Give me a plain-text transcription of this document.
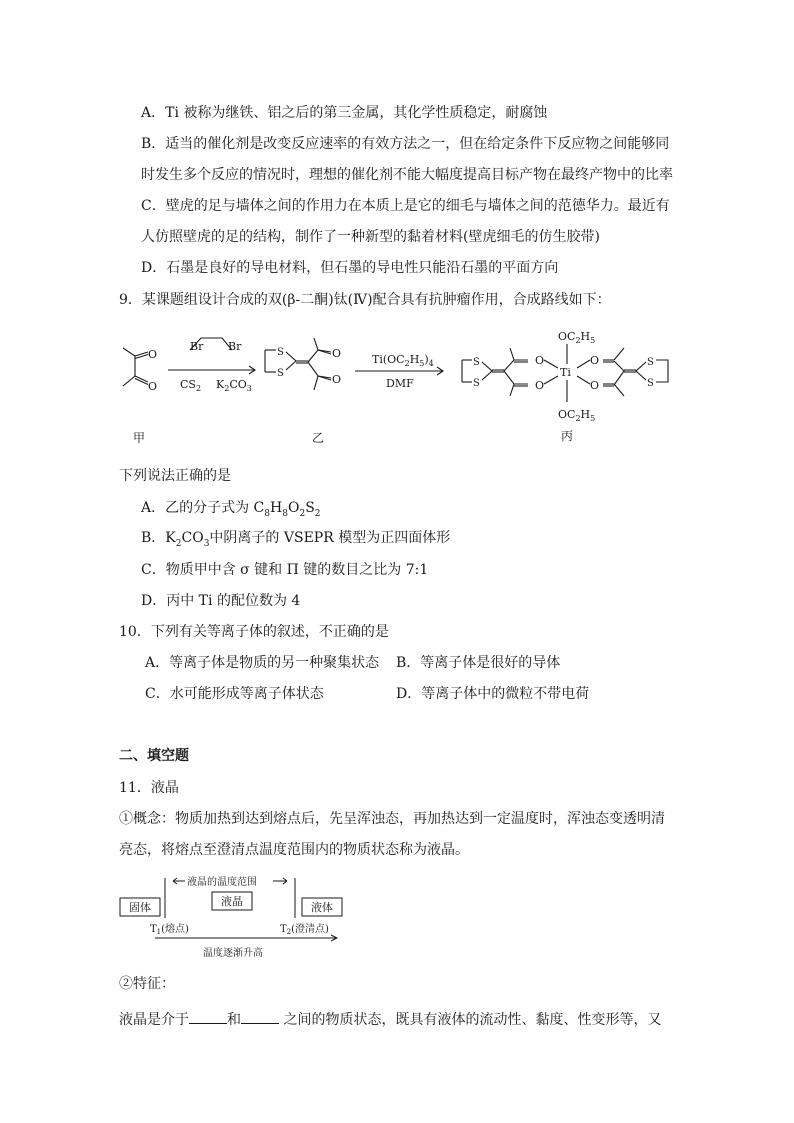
A．Ti 被称为继铁、铝之后的第三金属，其化学性质稳定，耐腐蚀
B．适当的催化剂是改变反应速率的有效方法之一，但在给定条件下反应物之间能够同
时发生多个反应的情况时，理想的催化剂不能大幅度提高目标产物在最终产物中的比率
C．壁虎的足与墙体之间的作用力在本质上是它的细毛与墙体之间的范德华力。最近有
人仿照壁虎的足的结构，制作了一种新型的黏着材料(壁虎细毛的仿生胶带)
D．石墨是良好的导电材料，但石墨的导电性只能沿石墨的平面方向
9．某课题组设计合成的双(β-二酮)钛(Ⅳ)配合具有抗肿瘤作用，合成路线如下：
O
O
甲
Br Br
$CS_2$ $K_2CO_3$
S
S
O
O
乙
$Ti(OC_2H_5)_4$
DMF
S
S
O
O
Ti
O
O
S
S
$OC_2H_5$
$OC_2H_5$
丙
下列说法正确的是
A．乙的分子式为 $C_8H_8O_2S_2$
B．$K_2CO_3$中阴离子的 VSEPR 模型为正四面体形
C．物质甲中含 σ 键和 Π 键的数目之比为 7:1
D．丙中 Ti 的配位数为 4
10．下列有关等离子体的叙述，不正确的是
A．等离子体是物质的另一种聚集状态 B．等离子体是很好的导体
C．水可能形成等离子体状态	D．等离子体中的微粒不带电荷
二、填空题
11．液晶
①概念：物质加热到达到熔点后，先呈浑浊态，再加热达到一定温度时，浑浊态变透明清
亮态，将熔点至澄清点温度范围内的物质状态称为液晶。
液晶的温度范围
固体	液晶	液体
$T_1$(熔点)	$T_2$(澄清点)
温度逐渐升高
②特征：
液晶是介于	和	之间的物质状态，既具有液体的流动性、黏度、性变形等，又
